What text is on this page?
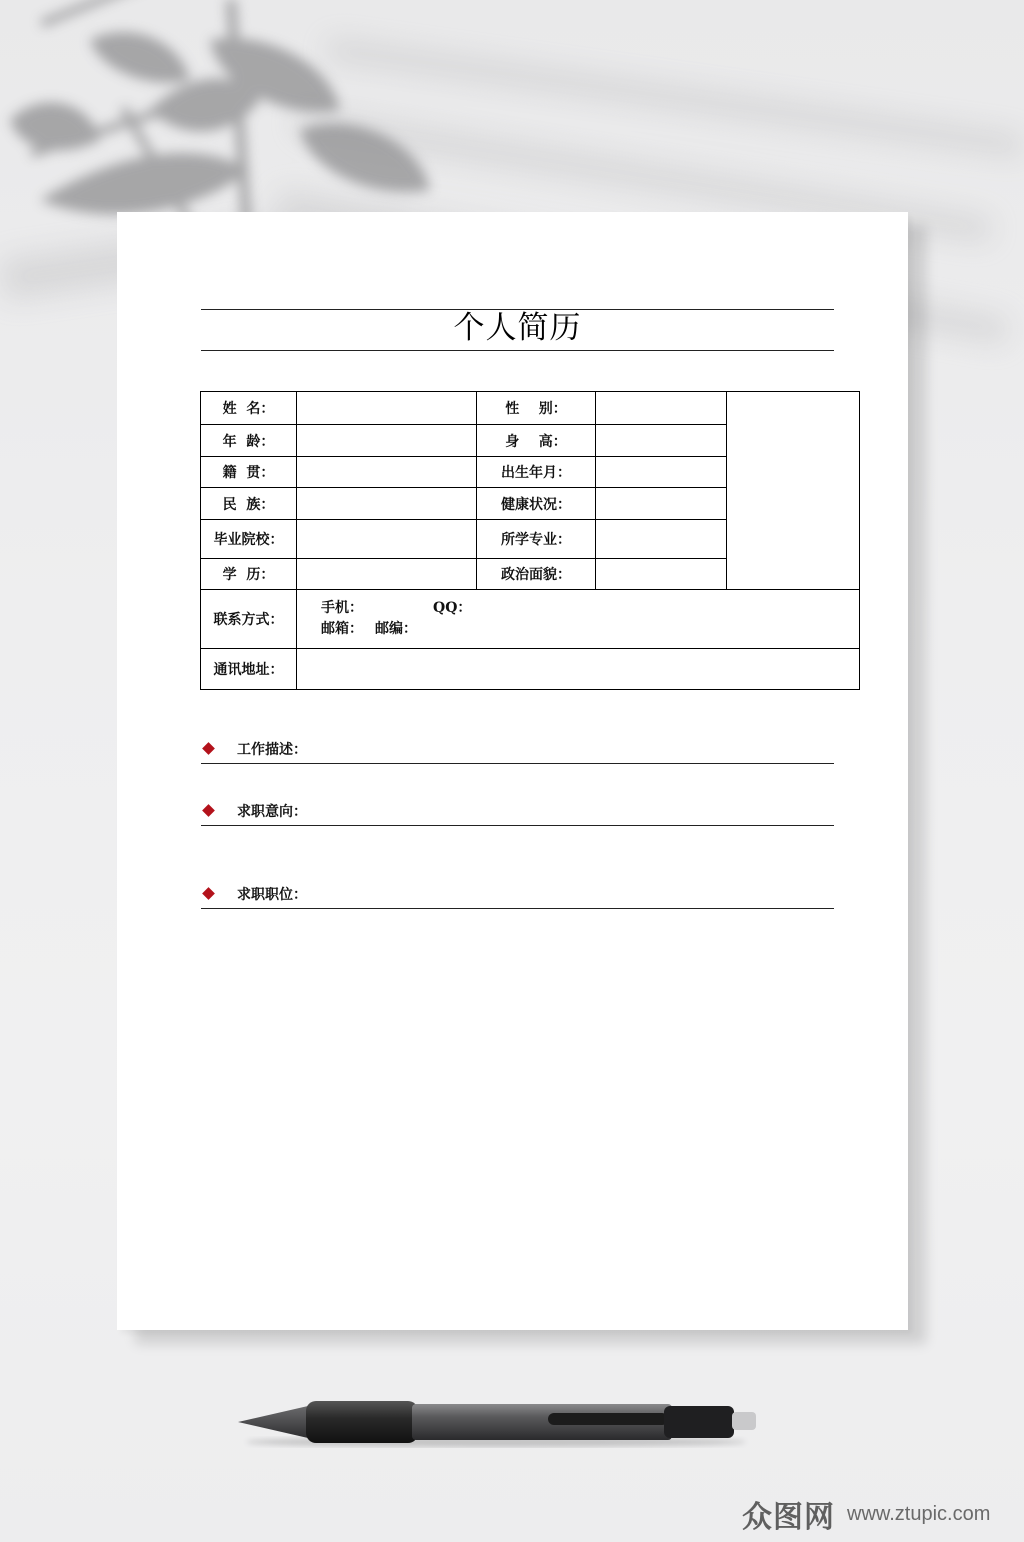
个人简历
姓  名：		性    别：		
年  龄：		身    高：		
籍  贯：		出生年月：		
民  族：		健康状况：		
毕业院校：		所学专业：		
学  历：		政治面貌：		
联系方式：	手机： QQ：
邮箱： 邮编：			

通讯地址：				
工作描述：
求职意向：
求职职位：
众图网 www.ztupic.com
